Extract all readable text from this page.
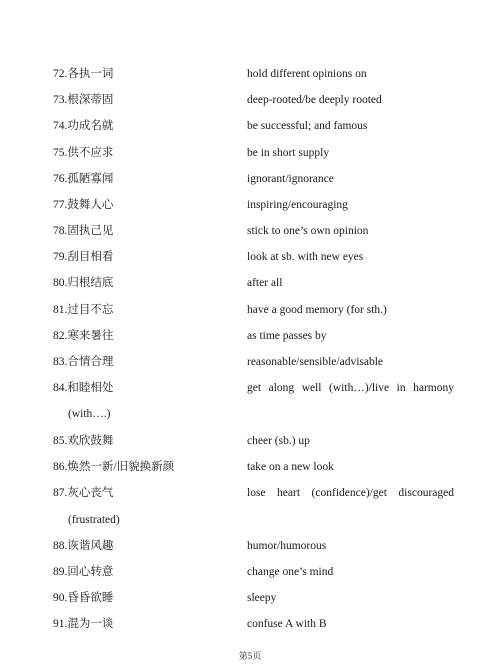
72.各执一词	hold different opinions on
73.根深蒂固	deep-rooted/be deeply rooted
74.功成名就	be successful; and famous
75.供不应求	be in short supply
76.孤陋寡闻	ignorant/ignorance
77.鼓舞人心	inspiring/encouraging
78.固执己见	stick to one’s own opinion
79.刮目相看	look at sb. with new eyes
80.归根结底	after all
81.过目不忘	have a good memory (for sth.)
82.寒来暑往	as time passes by
83.合情合理	reasonable/sensible/advisable
84.和睦相处	get along well (with…)/live in harmony
(with….)
85.欢欣鼓舞	cheer (sb.) up
86.焕然一新/旧貌换新颜	take on a new look
87.灰心丧气	lose heart (confidence)/get discouraged
(frustrated)
88.诙谐风趣	humor/humorous
89.回心转意	change one’s mind
90.昏昏欲睡	sleepy
91.混为一谈	confuse A with B
第5页
